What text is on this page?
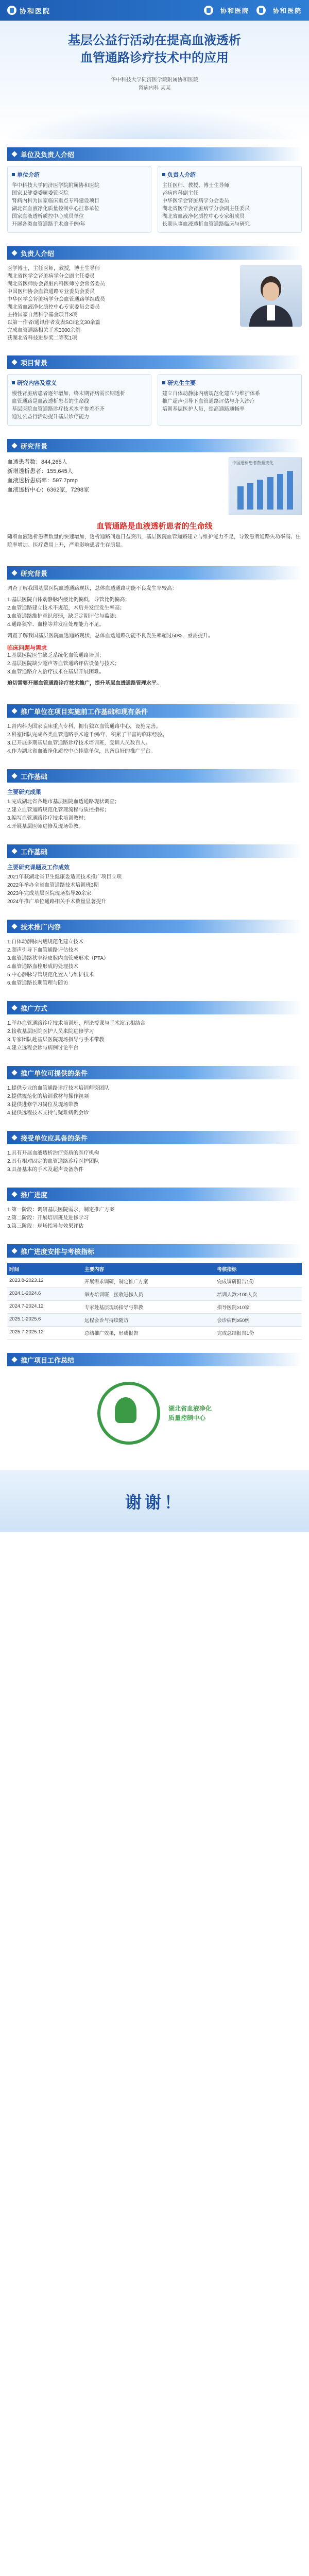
协和医院	协和医院	协和医院
基层公益行活动在提高血液透析
血管通路诊疗技术中的应用
华中科技大学同济医学院附属协和医院
肾病内科 某某
单位及负责人介绍
单位介绍
华中科技大学同济医学院附属协和医院
国家卫健委委属委管医院
肾病内科为国家临床重点专科建设项目
湖北省血液净化质量控制中心挂靠单位
国家血液透析质控中心成员单位
开展各类血管通路手术逾千例/年
负责人介绍
主任医师、教授、博士生导师
肾病内科副主任
中华医学会肾脏病学分会委员
湖北省医学会肾脏病学分会副主任委员
湖北省血液净化质控中心专家组成员
长期从事血液透析血管通路临床与研究
负责人介绍
医学博士，主任医师，教授，博士生导师
湖北省医学会肾脏病学分会副主任委员
湖北省医师协会肾脏内科医师分会常务委员
中国医师协会血管通路专业委员会委员
中华医学会肾脏病学分会血管通路学组成员
湖北省血液净化质控中心专家委员会委员
主持国家自然科学基金项目3项
以第一作者/通讯作者发表SCI论文30余篇
完成血管通路相关手术3000余例
获湖北省科技进步奖二等奖1项
项目背景
研究内容及意义
慢性肾脏病患者逐年增加，终末期肾病需长期透析
血管通路是血液透析患者的生命线
基层医院血管通路诊疗技术水平参差不齐
通过公益行活动提升基层诊疗能力
研究生主要
建立自体动静脉内瘘规范化建立与维护体系
推广超声引导下血管通路评估与介入治疗
培训基层医护人员，提高通路通畅率
研究背景
血透患者数：844,265人
新增透析患者：155,645人
血液透析患病率：597.7pmp
血液透析中心：6362家，7298家
中国透析患者数量变化
血管通路是血液透析患者的生命线

随着血液透析患者数量的快速增加，透析通路问题日益突出，基层医院血管通路建立与维护能力不足，导致患者通路失功率高、住院率增加、医疗费用上升，严重影响患者生存质量。

研究背景

调查了解我国基层医院血透通路现状，总体血透通路功能不良发生率较高：

1.基层医院自体动静脉内瘘比例偏低，导管比例偏高；
2.血管通路建立技术不规范，术后并发症发生率高；
3.血管通路维护意识薄弱，缺乏定期评估与监测；
4.通路狭窄、血栓等并发症处理能力不足。

调查了解我国基层医院血透通路现状，总体血透通路功能不良发生率超过50%，亟需提升。

临床问题与需求
1.基层医院医生缺乏系统化血管通路培训；
2.基层医院缺少超声等血管通路评估设备与技术；
3.血管通路介入治疗技术在基层开展困难。

迫切需要开展血管通路诊疗技术推广，提升基层血透通路管理水平。

推广单位在项目实施前工作基础和现有条件
1.肾内科为国家临床重点专科，拥有独立血管通路中心，设施完善。
2.科室团队完成各类血管通路手术逾千例/年，积累了丰富的临床经验。
3.已开展多期基层血管通路诊疗技术培训班，受训人员数百人。
4.作为湖北省血液净化质控中心挂靠单位，具备良好的推广平台。
工作基础
主要研究成果
1.完成湖北省各地市基层医院血透通路现状调查；
2.建立血管通路规范化管理流程与质控指标；
3.编写血管通路诊疗技术培训教材；
4.开展基层医师进修及现场带教。
工作基础
主要研究课题及工作成效
2021年获湖北省卫生健康委适宜技术推广项目立项
2022年举办全省血管通路技术培训班3期
2023年完成基层医院现场指导20余家
2024年推广单位通路相关手术数量显著提升
技术推广内容
1.自体动静脉内瘘规范化建立技术
2.超声引导下血管通路评估技术
3.血管通路狭窄经皮腔内血管成形术（PTA）
4.血管通路血栓形成的处理技术
5.中心静脉导管规范化置入与维护技术
6.血管通路长期管理与随访
推广方式
1.举办血管通路诊疗技术培训班，理论授课与手术演示相结合
2.接收基层医院医护人员来院进修学习
3.专家团队赴基层医院现场指导与手术带教
4.建立远程会诊与病例讨论平台
推广单位可提供的条件
1.提供专业的血管通路诊疗技术培训师资团队
2.提供规范化的培训教材与操作视频
3.提供进修学习岗位及现场带教
4.提供远程技术支持与疑难病例会诊
接受单位应具备的条件
1.具有开展血液透析治疗资质的医疗机构
2.具有相对固定的血管通路诊疗医护团队
3.具备基本的手术及超声设备条件
推广进度
1.第一阶段：调研基层医院需求，制定推广方案
2.第二阶段：开展培训班及进修学习
3.第三阶段：现场指导与效果评估
推广进度安排与考核指标
时间	主要内容	考核指标
2023.8-2023.12	开展需求调研，制定推广方案	完成调研报告1份
2024.1-2024.6	举办培训班，接收进修人员	培训人数≥100人次
2024.7-2024.12	专家赴基层现场指导与带教	指导医院≥10家
2025.1-2025.6	远程会诊与持续随访	会诊病例≥50例
2025.7-2025.12	总结推广效果，形成报告	完成总结报告1份
推广项目工作总结
湖北省血液净化
质量控制中心
谢谢！
